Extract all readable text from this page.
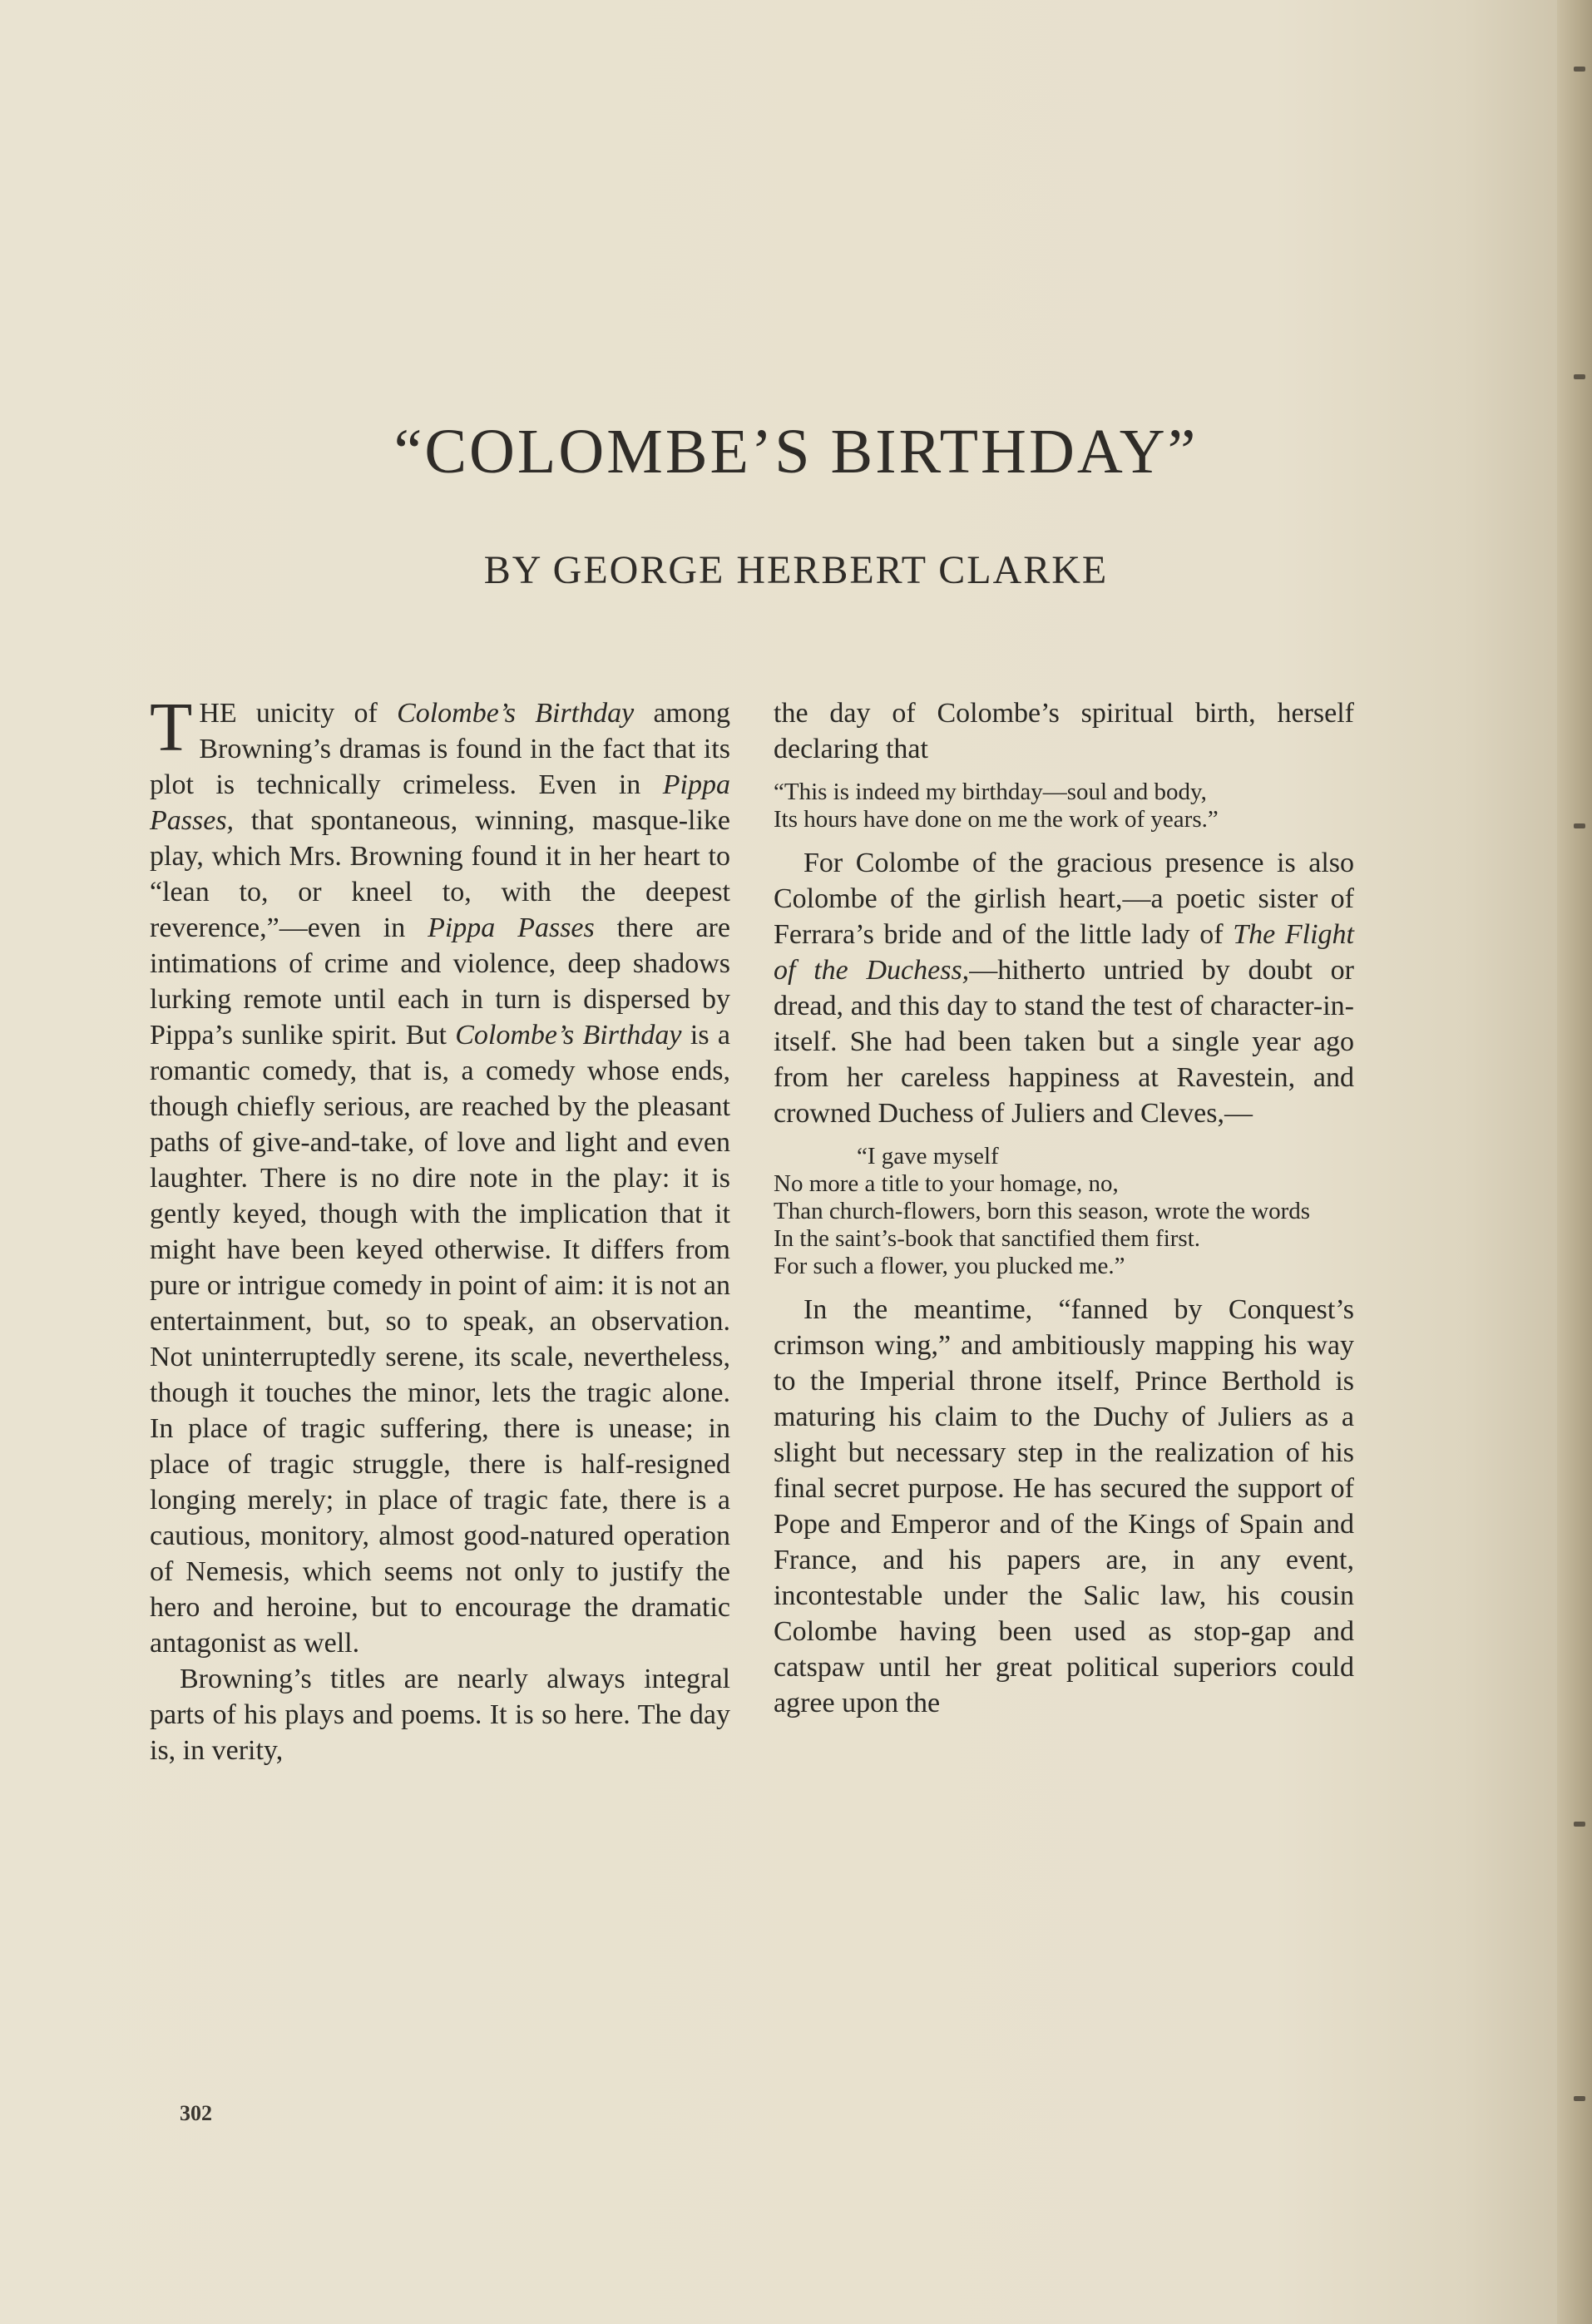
“COLOMBE’S BIRTHDAY”
BY GEORGE HERBERT CLARKE

THE unicity of Colombe’s Birthday among Browning’s dramas is found in the fact that its plot is technically crimeless. Even in Pippa Passes, that spontaneous, winning, masque-like play, which Mrs. Browning found it in her heart to “lean to, or kneel to, with the deepest reverence,”—even in Pippa Passes there are intimations of crime and violence, deep shadows lurking remote until each in turn is dispersed by Pippa’s sunlike spirit. But Colombe’s Birthday is a romantic comedy, that is, a comedy whose ends, though chiefly serious, are reached by the pleasant paths of give-and-take, of love and light and even laughter. There is no dire note in the play: it is gently keyed, though with the implication that it might have been keyed otherwise. It differs from pure or intrigue comedy in point of aim: it is not an entertainment, but, so to speak, an observation. Not uninterruptedly serene, its scale, nevertheless, though it touches the minor, lets the tragic alone. In place of tragic suffering, there is unease; in place of tragic struggle, there is half-resigned longing merely; in place of tragic fate, there is a cautious, monitory, almost good-natured operation of Nemesis, which seems not only to justify the hero and heroine, but to encourage the dramatic antagonist as well.

Browning’s titles are nearly always integral parts of his plays and poems. It is so here. The day is, in verity,

the day of Colombe’s spiritual birth, herself declaring that

“This is indeed my birthday—soul and body,
Its hours have done on me the work of years.”

For Colombe of the gracious presence is also Colombe of the girlish heart,—a poetic sister of Ferrara’s bride and of the little lady of The Flight of the Duchess,—hitherto untried by doubt or dread, and this day to stand the test of character-in-itself. She had been taken but a single year ago from her careless happiness at Ravestein, and crowned Duchess of Juliers and Cleves,—

“I gave myself
No more a title to your homage, no,
Than church-flowers, born this season, wrote the words
In the saint’s-book that sanctified them first.
For such a flower, you plucked me.”

In the meantime, “fanned by Conquest’s crimson wing,” and ambitiously mapping his way to the Imperial throne itself, Prince Berthold is maturing his claim to the Duchy of Juliers as a slight but necessary step in the realization of his final secret purpose. He has secured the support of Pope and Emperor and of the Kings of Spain and France, and his papers are, in any event, incontestable under the Salic law, his cousin Colombe having been used as stop-gap and catspaw until her great political superiors could agree upon the

302
